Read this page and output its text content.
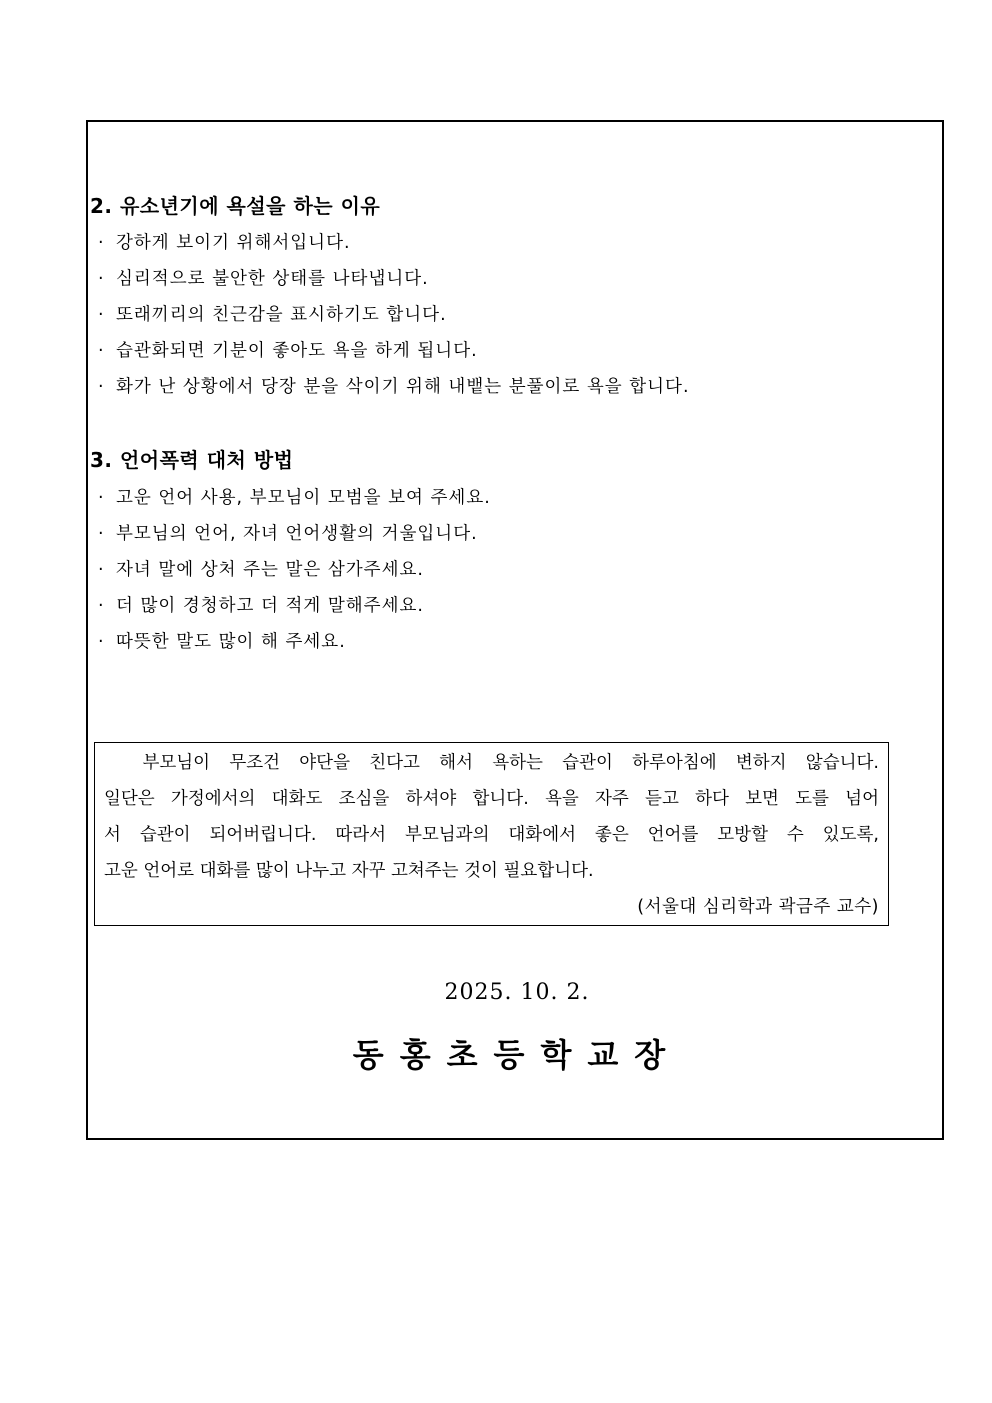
2. 유소년기에 욕설을 하는 이유
· 강하게 보이기 위해서입니다.
· 심리적으로 불안한 상태를 나타냅니다.
· 또래끼리의 친근감을 표시하기도 합니다.
· 습관화되면 기분이 좋아도 욕을 하게 됩니다.
· 화가 난 상황에서 당장 분을 삭이기 위해 내뱉는 분풀이로 욕을 합니다.
3. 언어폭력 대처 방법
· 고운 언어 사용, 부모님이 모범을 보여 주세요.
· 부모님의 언어, 자녀 언어생활의 거울입니다.
· 자녀 말에 상처 주는 말은 삼가주세요.
· 더 많이 경청하고 더 적게 말해주세요.
· 따뜻한 말도 많이 해 주세요.
부모님이 무조건 야단을 친다고 해서 욕하는 습관이 하루아침에 변하지 않습니다.
일단은 가정에서의 대화도 조심을 하셔야 합니다. 욕을 자주 듣고 하다 보면 도를 넘어
서 습관이 되어버립니다. 따라서 부모님과의 대화에서 좋은 언어를 모방할 수 있도록,
고운 언어로 대화를 많이 나누고 자꾸 고쳐주는 것이 필요합니다.
(서울대 심리학과 곽금주 교수)
2025. 10. 2.
동홍초등학교장
